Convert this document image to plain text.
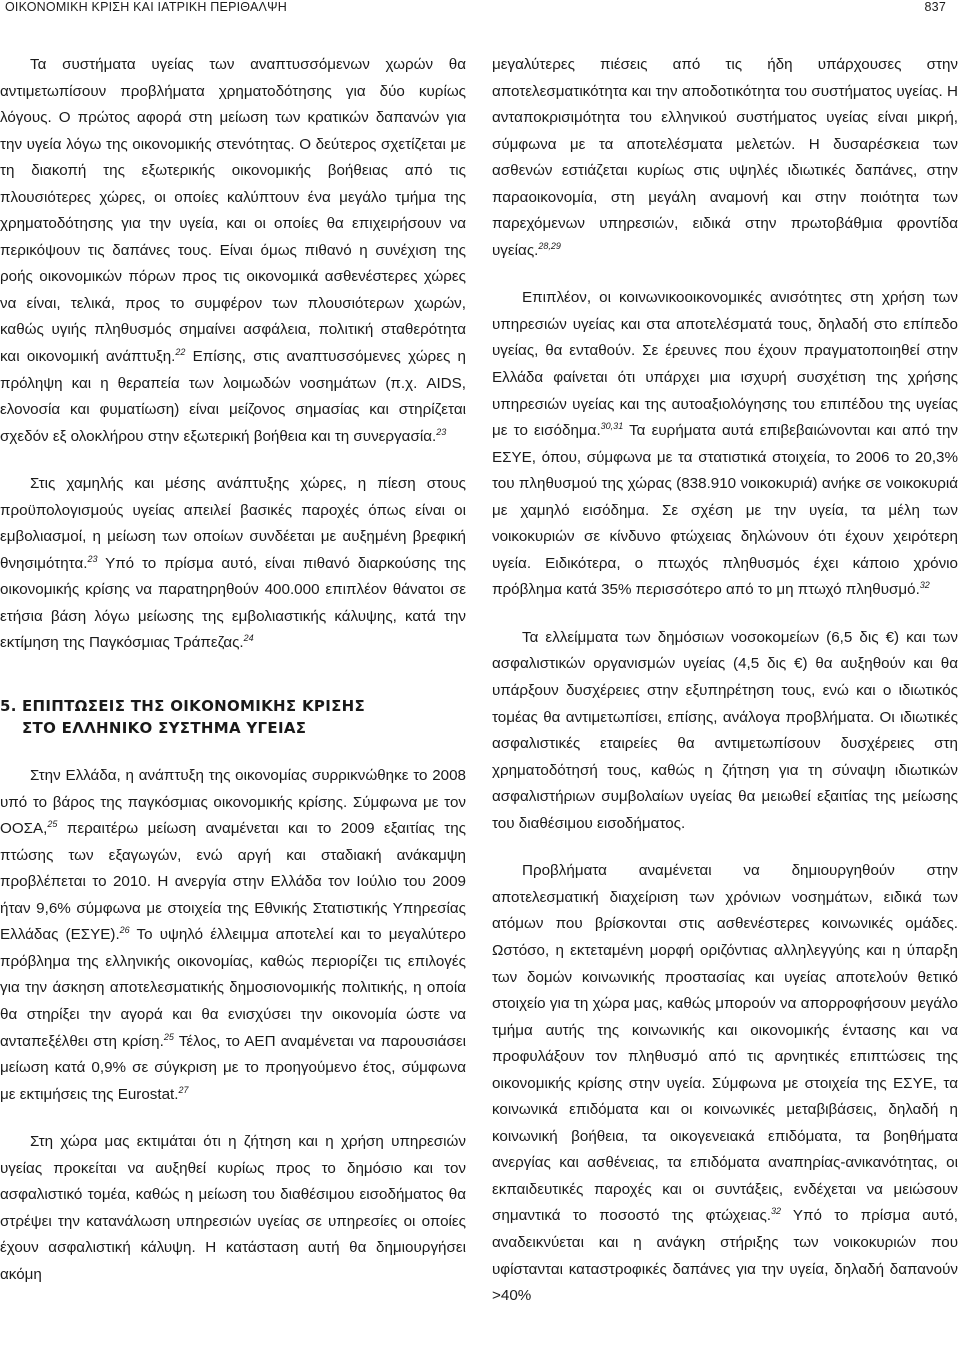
ΟΙΚΟΝΟΜΙΚΗ ΚΡΙΣΗ ΚΑΙ ΙΑΤΡΙΚΗ ΠΕΡΙΘΑΛΨΗ	837

Τα συστήματα υγείας των αναπτυσσόμενων χωρών θα αντιμετωπίσουν προβλήματα χρηματοδότησης για δύο κυρίως λόγους. Ο πρώτος αφορά στη μείωση των κρατικών δαπανών για την υγεία λόγω της οικονομικής στενότητας. Ο δεύτερος σχετίζεται με τη διακοπή της εξωτερικής οικονομικής βοήθειας από τις πλουσιότερες χώρες, οι οποίες καλύπτουν ένα μεγάλο τμήμα της χρηματοδότησης για την υγεία, και οι οποίες θα επιχειρήσουν να περικόψουν τις δαπάνες τους. Είναι όμως πιθανό η συνέχιση της ροής οικονομικών πόρων προς τις οικονομικά ασθενέστερες χώρες να είναι, τελικά, προς το συμφέρον των πλουσιότερων χωρών, καθώς υγιής πληθυσμός σημαίνει ασφάλεια, πολιτική σταθερότητα και οικονομική ανάπτυξη.$^{22}$ Επίσης, στις αναπτυσσόμενες χώρες η πρόληψη και η θεραπεία των λοιμωδών νοσημάτων (π.χ. AIDS, ελονοσία και φυματίωση) είναι μείζονος σημασίας και στηρίζεται σχεδόν εξ ολοκλήρου στην εξωτερική βοήθεια και τη συνεργασία.$^{23}$

Στις χαμηλής και μέσης ανάπτυξης χώρες, η πίεση στους προϋπολογισμούς υγείας απειλεί βασικές παροχές όπως είναι οι εμβολιασμοί, η μείωση των οποίων συνδέεται με αυξημένη βρεφική θνησιμότητα.$^{23}$ Υπό το πρίσμα αυτό, είναι πιθανό διαρκούσης της οικονομικής κρίσης να παρατηρηθούν 400.000 επιπλέον θάνατοι σε ετήσια βάση λόγω μείωσης της εμβολιαστικής κάλυψης, κατά την εκτίμηση της Παγκόσμιας Τράπεζας.$^{24}$

5. ΕΠΙΠΤΩΣΕΙΣ ΤΗΣ ΟΙΚΟΝΟΜΙΚΗΣ ΚΡΙΣΗΣ
ΣΤΟ ΕΛΛΗΝΙΚΟ ΣΥΣΤΗΜΑ ΥΓΕΙΑΣ

Στην Ελλάδα, η ανάπτυξη της οικονομίας συρρικνώθηκε το 2008 υπό το βάρος της παγκόσμιας οικονομικής κρίσης. Σύμφωνα με τον ΟΟΣΑ,$^{25}$ περαιτέρω μείωση αναμένεται και το 2009 εξαιτίας της πτώσης των εξαγωγών, ενώ αργή και σταδιακή ανάκαμψη προβλέπεται το 2010. Η ανεργία στην Ελλάδα τον Ιούλιο του 2009 ήταν 9,6% σύμφωνα με στοιχεία της Εθνικής Στατιστικής Υπηρεσίας Ελλάδας (ΕΣΥΕ).$^{26}$ Το υψηλό έλλειμμα αποτελεί και το μεγαλύτερο πρόβλημα της ελληνικής οικονομίας, καθώς περιορίζει τις επιλογές για την άσκηση αποτελεσματικής δημοσιονομικής πολιτικής, η οποία θα στηρίξει την αγορά και θα ενισχύσει την οικονομία ώστε να ανταπεξέλθει στη κρίση.$^{25}$ Τέλος, το ΑΕΠ αναμένεται να παρουσιάσει μείωση κατά 0,9% σε σύγκριση με το προηγούμενο έτος, σύμφωνα με εκτιμήσεις της Eurostat.$^{27}$

Στη χώρα μας εκτιμάται ότι η ζήτηση και η χρήση υπηρεσιών υγείας προκείται να αυξηθεί κυρίως προς το δημόσιο και τον ασφαλιστικό τομέα, καθώς η μείωση του διαθέσιμου εισοδήματος θα στρέψει την κατανάλωση υπηρεσιών υγείας σε υπηρεσίες οι οποίες έχουν ασφαλιστική κάλυψη. Η κατάσταση αυτή θα δημιουργήσει ακόμη

μεγαλύτερες πιέσεις από τις ήδη υπάρχουσες στην αποτελεσματικότητα και την αποδοτικότητα του συστήματος υγείας. Η ανταποκρισιμότητα του ελληνικού συστήματος υγείας είναι μικρή, σύμφωνα με τα αποτελέσματα μελετών. Η δυσαρέσκεια των ασθενών εστιάζεται κυρίως στις υψηλές ιδιωτικές δαπάνες, στην παραοικονομία, στη μεγάλη αναμονή και στην ποιότητα των παρεχόμενων υπηρεσιών, ειδικά στην πρωτοβάθμια φροντίδα υγείας.$^{28,29}$

Επιπλέον, οι κοινωνικοοικονομικές ανισότητες στη χρήση των υπηρεσιών υγείας και στα αποτελέσματά τους, δηλαδή στο επίπεδο υγείας, θα ενταθούν. Σε έρευνες που έχουν πραγματοποιηθεί στην Ελλάδα φαίνεται ότι υπάρχει μια ισχυρή συσχέτιση της χρήσης υπηρεσιών υγείας και της αυτοαξιολόγησης του επιπέδου της υγείας με το εισόδημα.$^{30,31}$ Τα ευρήματα αυτά επιβεβαιώνονται και από την ΕΣΥΕ, όπου, σύμφωνα με τα στατιστικά στοιχεία, το 2006 το 20,3% του πληθυσμού της χώρας (838.910 νοικοκυριά) ανήκε σε νοικοκυριά με χαμηλό εισόδημα. Σε σχέση με την υγεία, τα μέλη των νοικοκυριών σε κίνδυνο φτώχειας δηλώνουν ότι έχουν χειρότερη υγεία. Ειδικότερα, ο πτωχός πληθυσμός έχει κάποιο χρόνιο πρόβλημα κατά 35% περισσότερο από το μη πτωχό πληθυσμό.$^{32}$

Τα ελλείμματα των δημόσιων νοσοκομείων (6,5 δις €) και των ασφαλιστικών οργανισμών υγείας (4,5 δις €) θα αυξηθούν και θα υπάρξουν δυσχέρειες στην εξυπηρέτηση τους, ενώ και ο ιδιωτικός τομέας θα αντιμετωπίσει, επίσης, ανάλογα προβλήματα. Οι ιδιωτικές ασφαλιστικές εταιρείες θα αντιμετωπίσουν δυσχέρειες στη χρηματοδότησή τους, καθώς η ζήτηση για τη σύναψη ιδιωτικών ασφαλιστήριων συμβολαίων υγείας θα μειωθεί εξαιτίας της μείωσης του διαθέσιμου εισοδήματος.

Προβλήματα αναμένεται να δημιουργηθούν στην αποτελεσματική διαχείριση των χρόνιων νοσημάτων, ειδικά των ατόμων που βρίσκονται στις ασθενέστερες κοινωνικές ομάδες. Ωστόσο, η εκτεταμένη μορφή οριζόντιας αλληλεγγύης και η ύπαρξη των δομών κοινωνικής προστασίας και υγείας αποτελούν θετικό στοιχείο για τη χώρα μας, καθώς μπορούν να απορροφήσουν μεγάλο τμήμα αυτής της κοινωνικής και οικονομικής έντασης και να προφυλάξουν τον πληθυσμό από τις αρνητικές επιπτώσεις της οικονομικής κρίσης στην υγεία. Σύμφωνα με στοιχεία της ΕΣΥΕ, τα κοινωνικά επιδόματα και οι κοινωνικές μεταβιβάσεις, δηλαδή η κοινωνική βοήθεια, τα οικογενειακά επιδόματα, τα βοηθήματα ανεργίας και ασθένειας, τα επιδόματα αναπηρίας-ανικανότητας, οι εκπαιδευτικές παροχές και οι συντάξεις, ενδέχεται να μειώσουν σημαντικά το ποσοστό της φτώχειας.$^{32}$ Υπό το πρίσμα αυτό, αναδεικνύεται και η ανάγκη στήριξης των νοικοκυριών που υφίστανται καταστροφικές δαπάνες για την υγεία, δηλαδή δαπανούν >40%
